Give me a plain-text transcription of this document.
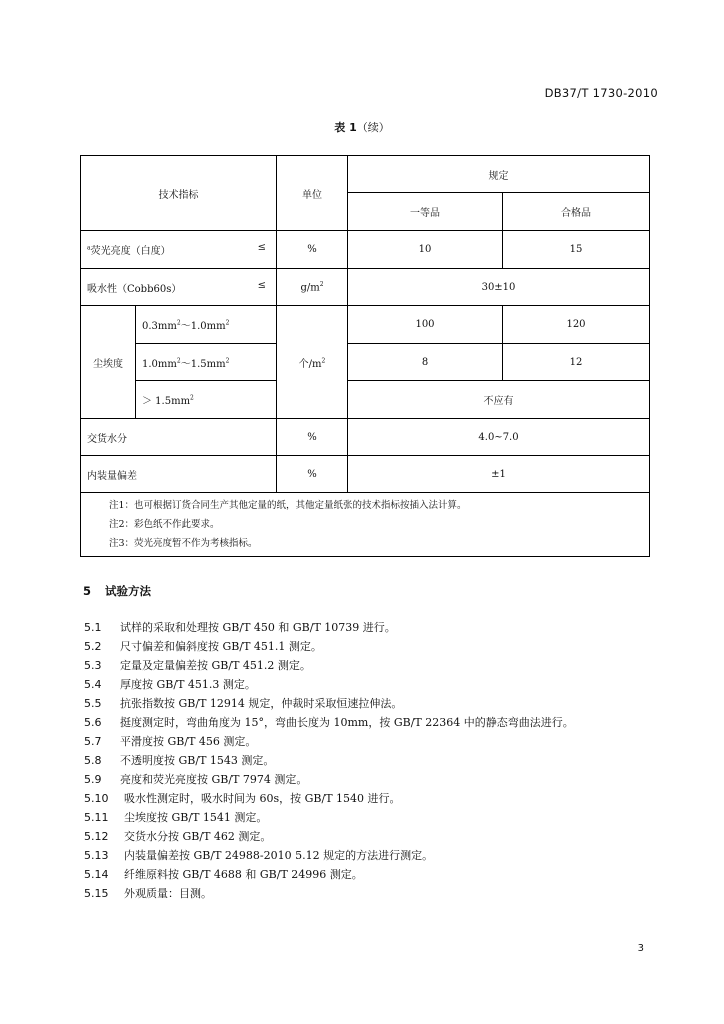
DB37/T 1730-2010
表 1（续）
技术指标		单位	规定	
			一等品	合格品
$^a$荧光亮度（白度） ≤		%	10	15
吸水性（Cobb60s） ≤		$g/m^2$	30±10	
尘埃度	$0.3mm^2\sim 1.0mm^2$	个$/m^2$	100	120
	$1.0mm^2\sim 1.5mm^2$		8	12
	＞ $1.5mm^2$		不应有	
交货水分		%	4.0~7.0	
内装量偏差		%	±1	

注1：也可根据订货合同生产其他定量的纸，其他定量纸张的技术指标按插入法计算。
注2：彩色纸不作此要求。
注3：荧光亮度暂不作为考核指标。				
5 试验方法
5.1 试样的采取和处理按 GB/T 450 和 GB/T 10739 进行。
5.2 尺寸偏差和偏斜度按 GB/T 451.1 测定。
5.3 定量及定量偏差按 GB/T 451.2 测定。
5.4 厚度按 GB/T 451.3 测定。
5.5 抗张指数按 GB/T 12914 规定，仲裁时采取恒速拉伸法。
5.6 挺度测定时，弯曲角度为 15°，弯曲长度为 10mm，按 GB/T 22364 中的静态弯曲法进行。
5.7 平滑度按 GB/T 456 测定。
5.8 不透明度按 GB/T 1543 测定。
5.9 亮度和荧光亮度按 GB/T 7974 测定。
5.10 吸水性测定时，吸水时间为 60s，按 GB/T 1540 进行。
5.11 尘埃度按 GB/T 1541 测定。
5.12 交货水分按 GB/T 462 测定。
5.13 内装量偏差按 GB/T 24988-2010 5.12 规定的方法进行测定。
5.14 纤维原料按 GB/T 4688 和 GB/T 24996 测定。
5.15 外观质量：目测。
3
